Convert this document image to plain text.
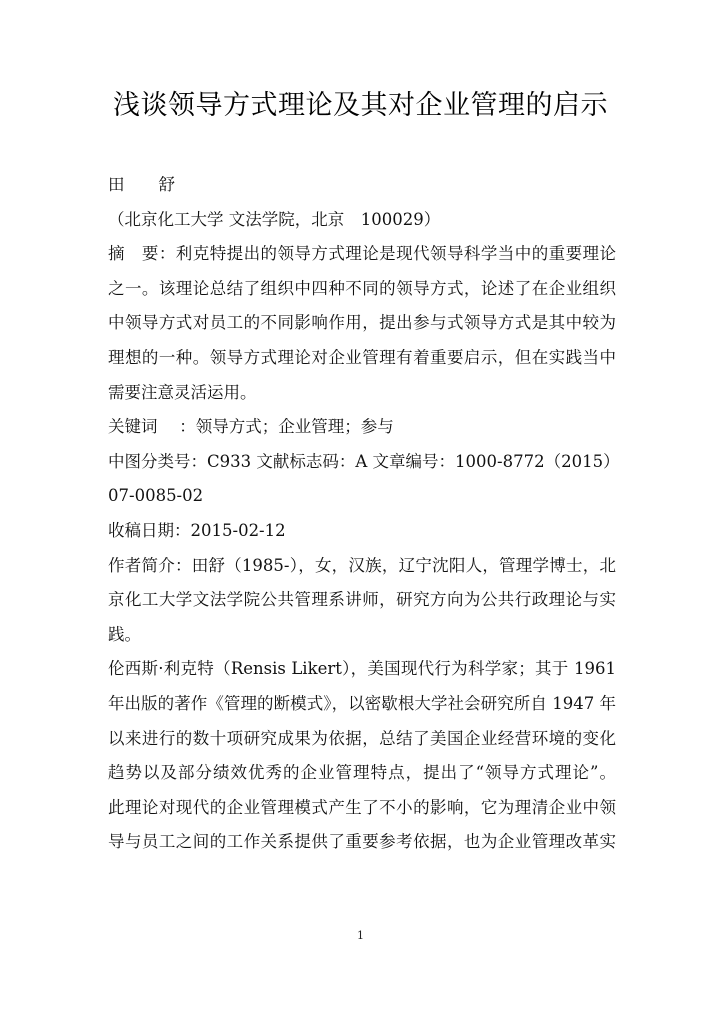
浅谈领导方式理论及其对企业管理的启示
田 舒
（北京化工大学 文法学院，北京　100029）
摘　要：利克特提出的领导方式理论是现代领导科学当中的重要理论
之一。该理论总结了组织中四种不同的领导方式，论述了在企业组织
中领导方式对员工的不同影响作用，提出参与式领导方式是其中较为
理想的一种。领导方式理论对企业管理有着重要启示，但在实践当中
需要注意灵活运用。
关键词　 ：领导方式；企业管理；参与
中图分类号：C933 文献标志码：A 文章编号：1000-8772（2015）
07-0085-02
收稿日期：2015-02-12
作者简介：田舒（1985-），女，汉族，辽宁沈阳人，管理学博士，北
京化工大学文法学院公共管理系讲师，研究方向为公共行政理论与实
践。
伦西斯·利克特（Rensis Likert），美国现代行为科学家；其于 1961
年出版的著作《管理的断模式》，以密歇根大学社会研究所自 1947 年
以来进行的数十项研究成果为依据，总结了美国企业经营环境的变化
趋势以及部分绩效优秀的企业管理特点，提出了“领导方式理论”。
此理论对现代的企业管理模式产生了不小的影响，它为理清企业中领
导与员工之间的工作关系提供了重要参考依据，也为企业管理改革实
1
